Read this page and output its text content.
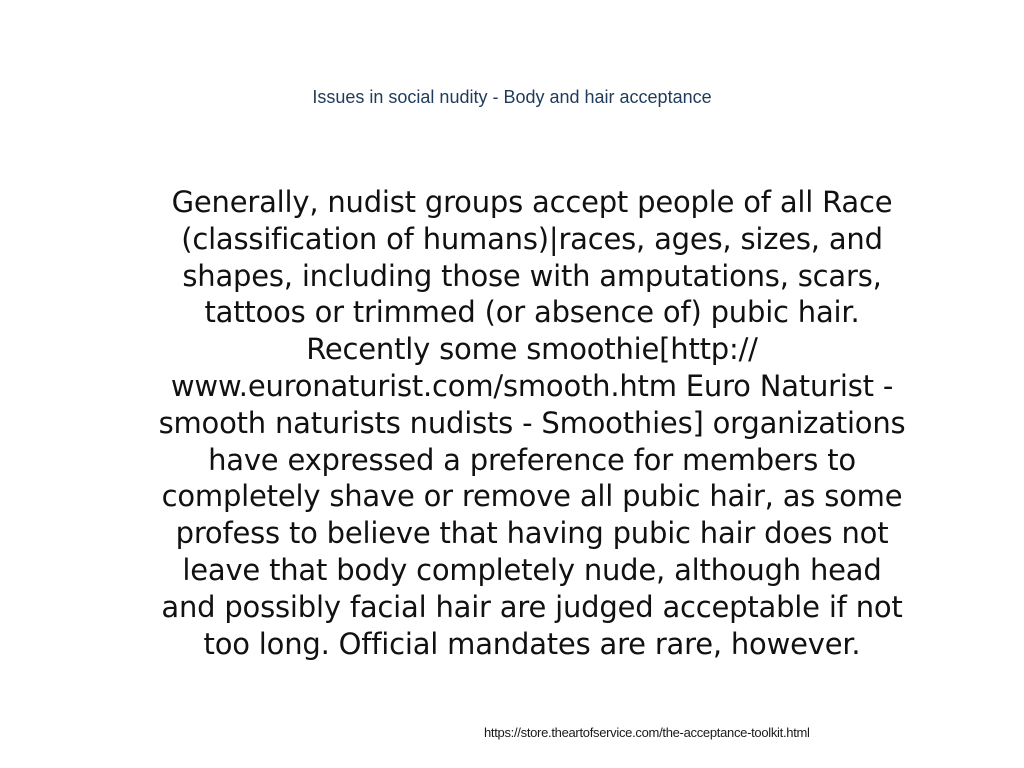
Issues in social nudity - Body and hair acceptance
Generally, nudist groups accept people of all Race
(classification of humans)|races, ages, sizes, and
shapes, including those with amputations, scars,
tattoos or trimmed (or absence of) pubic hair.
Recently some smoothie[http://
www.euronaturist.com/smooth.htm Euro Naturist -
smooth naturists nudists - Smoothies] organizations
have expressed a preference for members to
completely shave or remove all pubic hair, as some
profess to believe that having pubic hair does not
leave that body completely nude, although head
and possibly facial hair are judged acceptable if not
too long. Official mandates are rare, however.
https://store.theartofservice.com/the-acceptance-toolkit.html
